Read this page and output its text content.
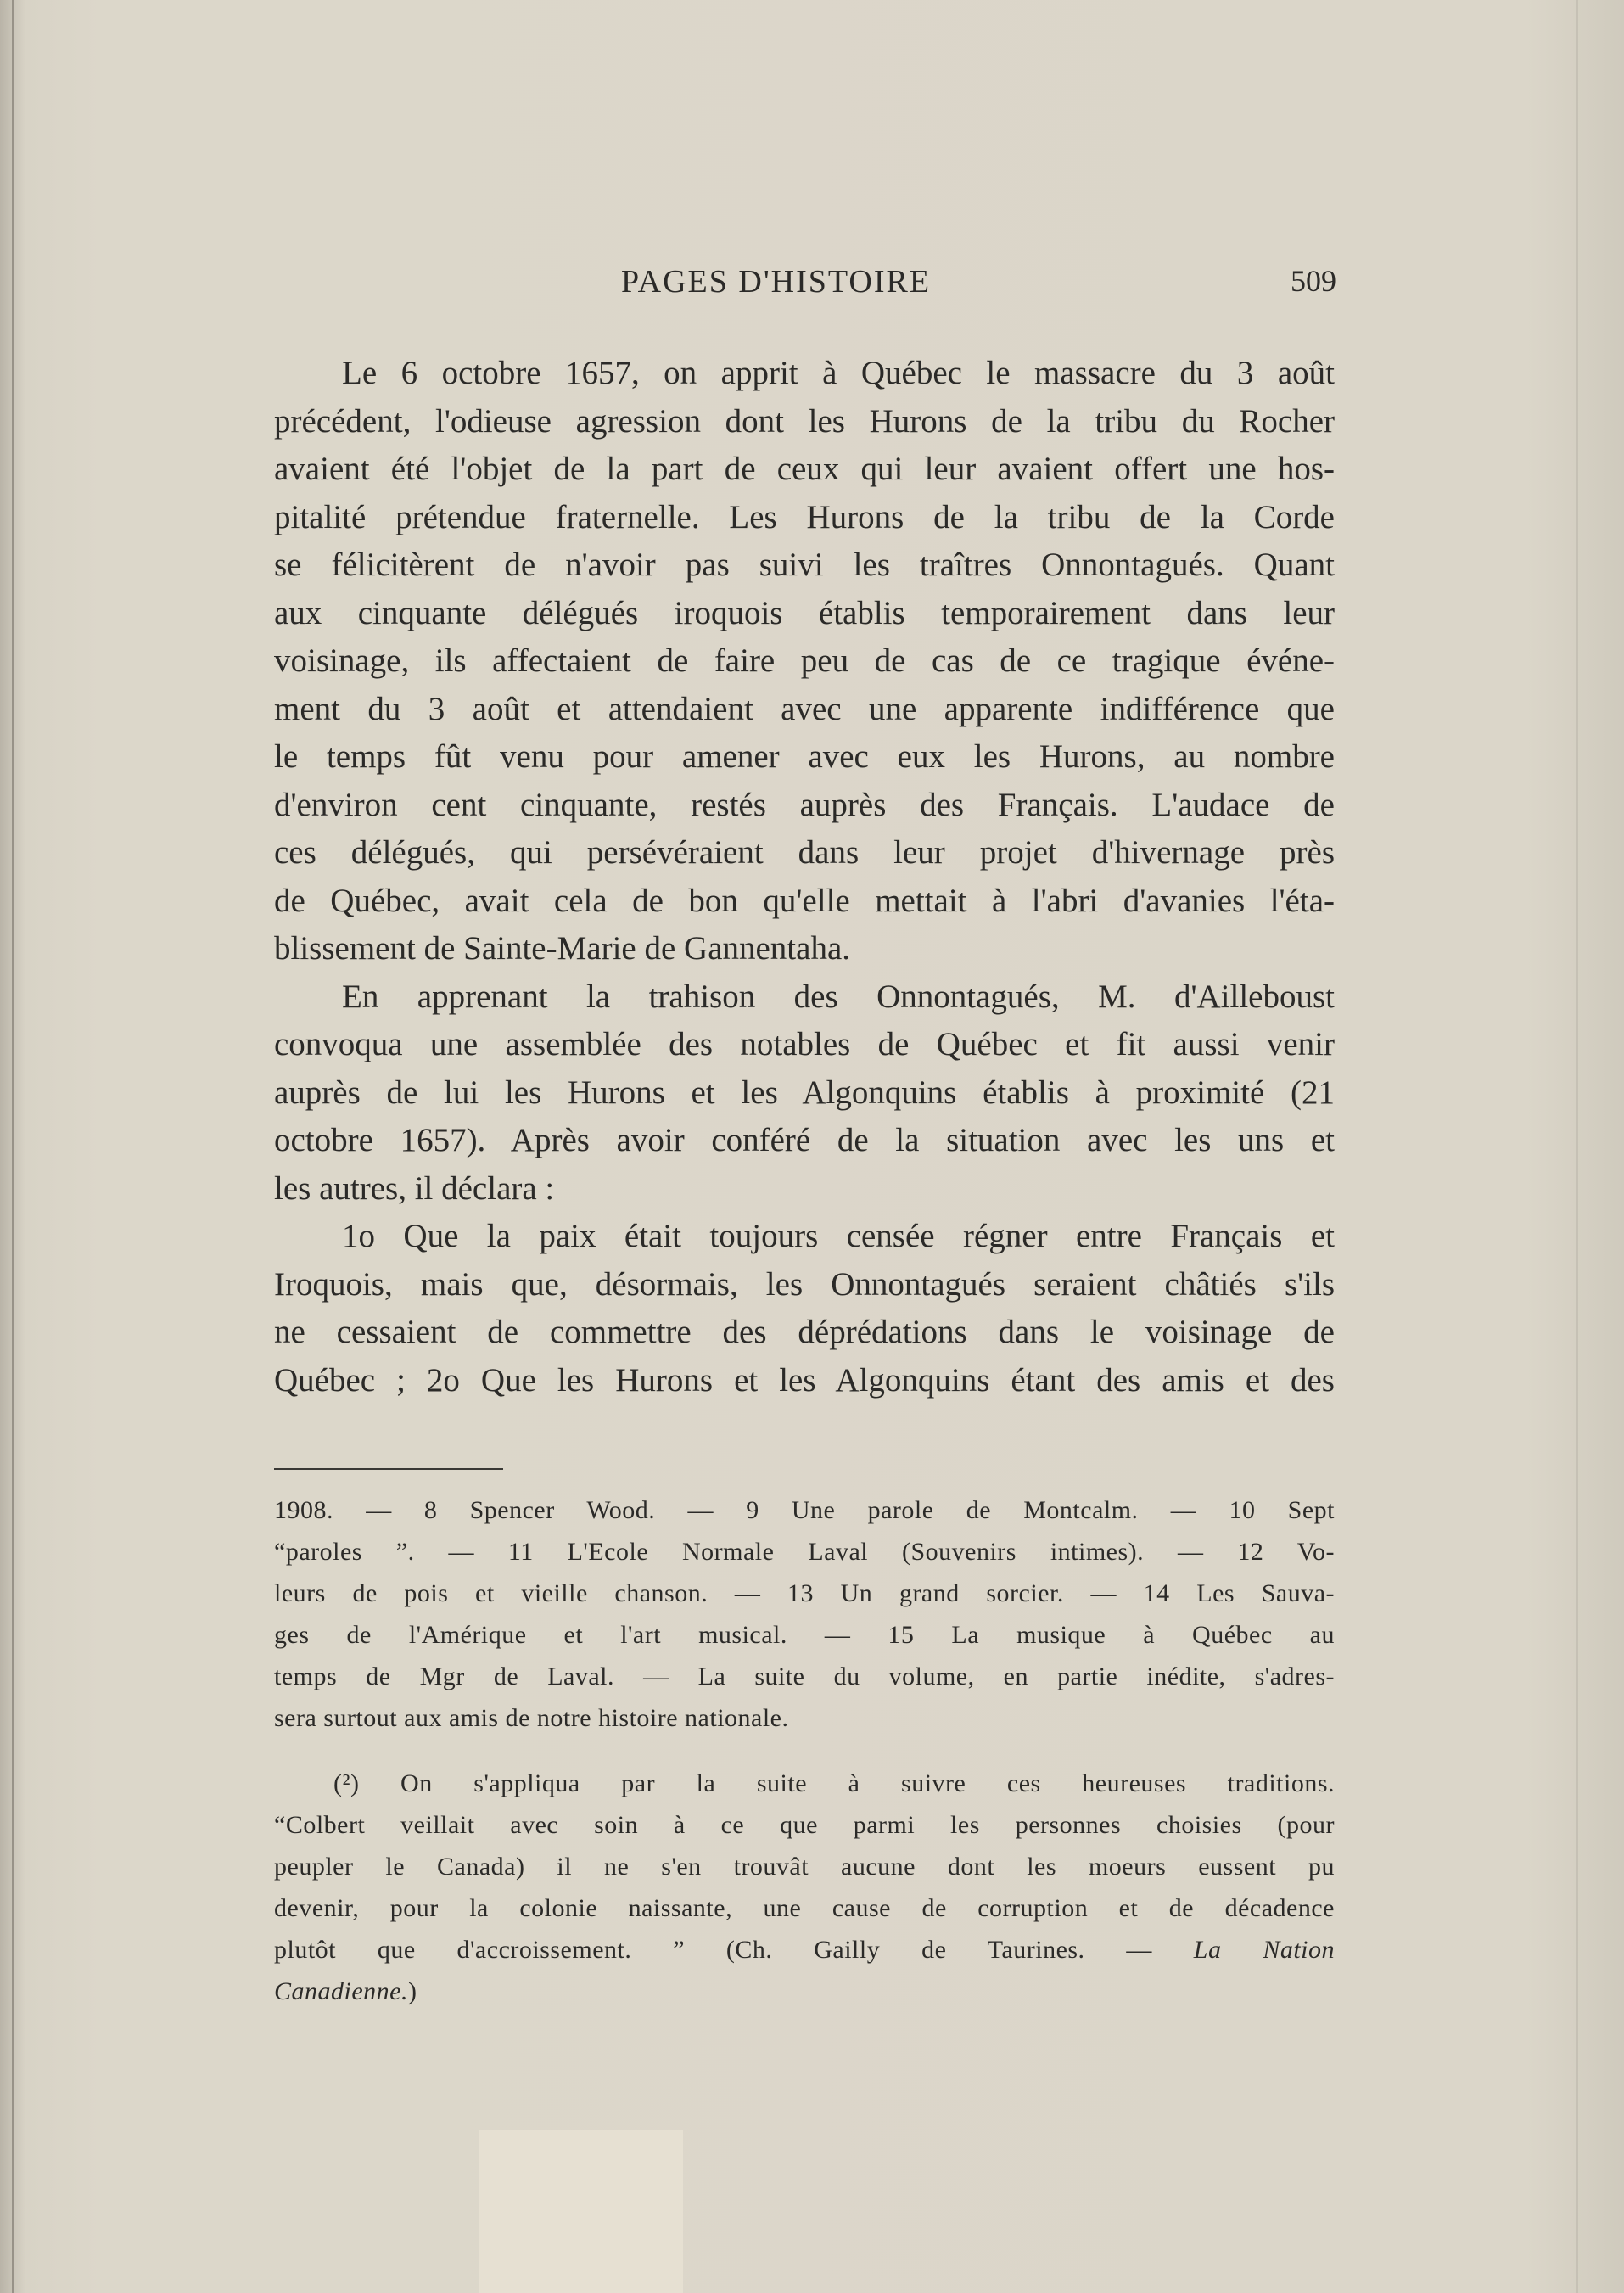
PAGES D'HISTOIRE	509
Le 6 octobre 1657, on apprit à Québec le massacre du 3 août
précédent, l'odieuse agression dont les Hurons de la tribu du Rocher
avaient été l'objet de la part de ceux qui leur avaient offert une hos-
pitalité prétendue fraternelle. Les Hurons de la tribu de la Corde
se félicitèrent de n'avoir pas suivi les traîtres Onnontagués. Quant
aux cinquante délégués iroquois établis temporairement dans leur
voisinage, ils affectaient de faire peu de cas de ce tragique événe-
ment du 3 août et attendaient avec une apparente indifférence que
le temps fût venu pour amener avec eux les Hurons, au nombre
d'environ cent cinquante, restés auprès des Français. L'audace de
ces délégués, qui persévéraient dans leur projet d'hivernage près
de Québec, avait cela de bon qu'elle mettait à l'abri d'avanies l'éta-
blissement de Sainte-Marie de Gannentaha.
En apprenant la trahison des Onnontagués, M. d'Ailleboust
convoqua une assemblée des notables de Québec et fit aussi venir
auprès de lui les Hurons et les Algonquins établis à proximité (21
octobre 1657). Après avoir conféré de la situation avec les uns et
les autres, il déclara :
1o Que la paix était toujours censée régner entre Français et
Iroquois, mais que, désormais, les Onnontagués seraient châtiés s'ils
ne cessaient de commettre des déprédations dans le voisinage de
Québec ; 2o Que les Hurons et les Algonquins étant des amis et des
1908. — 8 Spencer Wood. — 9 Une parole de Montcalm. — 10 Sept
“paroles ”. — 11 L'Ecole Normale Laval (Souvenirs intimes). — 12 Vo-
leurs de pois et vieille chanson. — 13 Un grand sorcier. — 14 Les Sauva-
ges de l'Amérique et l'art musical. — 15 La musique à Québec au
temps de Mgr de Laval. — La suite du volume, en partie inédite, s'adres-
sera surtout aux amis de notre histoire nationale.
(²) On s'appliqua par la suite à suivre ces heureuses traditions.
“Colbert veillait avec soin à ce que parmi les personnes choisies (pour
peupler le Canada) il ne s'en trouvât aucune dont les moeurs eussent pu
devenir, pour la colonie naissante, une cause de corruption et de décadence
plutôt que d'accroissement. ” (Ch. Gailly de Taurines. — La Nation
Canadienne.)
